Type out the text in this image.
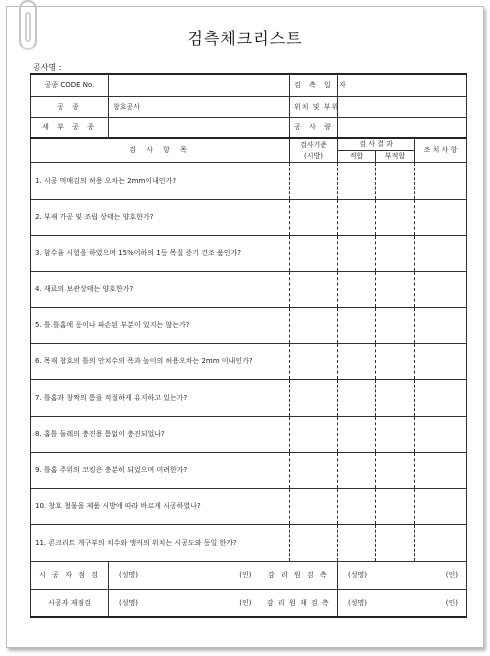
검측체크리스트
공사명 :
공종 CODE No.			검 측 일 자			
공 종	창호공사		위치 및 부위			
세 부 공 종			공 사 량			
검 사 항 목			검사기준	검 사 결 과		조 치 사 항
			(시방)	적합	부적합	
1. 시공 먹매김의 허용 오차는 2mm이내인가?						
2. 부재 가공 및 조립 상태는 양호한가?						
3. 함수율 시험을 하였으며 15%이하의 1등 목질 증기 건조 품인가?						
4. 재료의 보관상태는 양호한가?						
5. 틀.틀홈에 옹이나 파손된 부분이 있지는 않는가?						
6. 목재 창호의 틀의 안치수의 폭과 높이의 허용오차는 2mm 이내인가?						
7. 틀홈과 창짝의 틈을 적절하게 유지하고 있는가?						
8. 홈틀 둘레의 충진용 틈없이 충진되었나?						
9. 틀홈 주위의 코킹은 충분히 되었으며 미려한가?						
10. 창호 철물을 제품 시방에 따라 바르게 시공하였나?						
11. 콘크리트 개구부의 치수와 앵커의 위치는 시공도와 동일 한가?						
시 공 자 점 검	(성명) (인)	감 리 원 검 측		(성명) (인)		

시공자 재점검	(성명) (인)	감 리 원 재 검 측		(성명) (인)		
